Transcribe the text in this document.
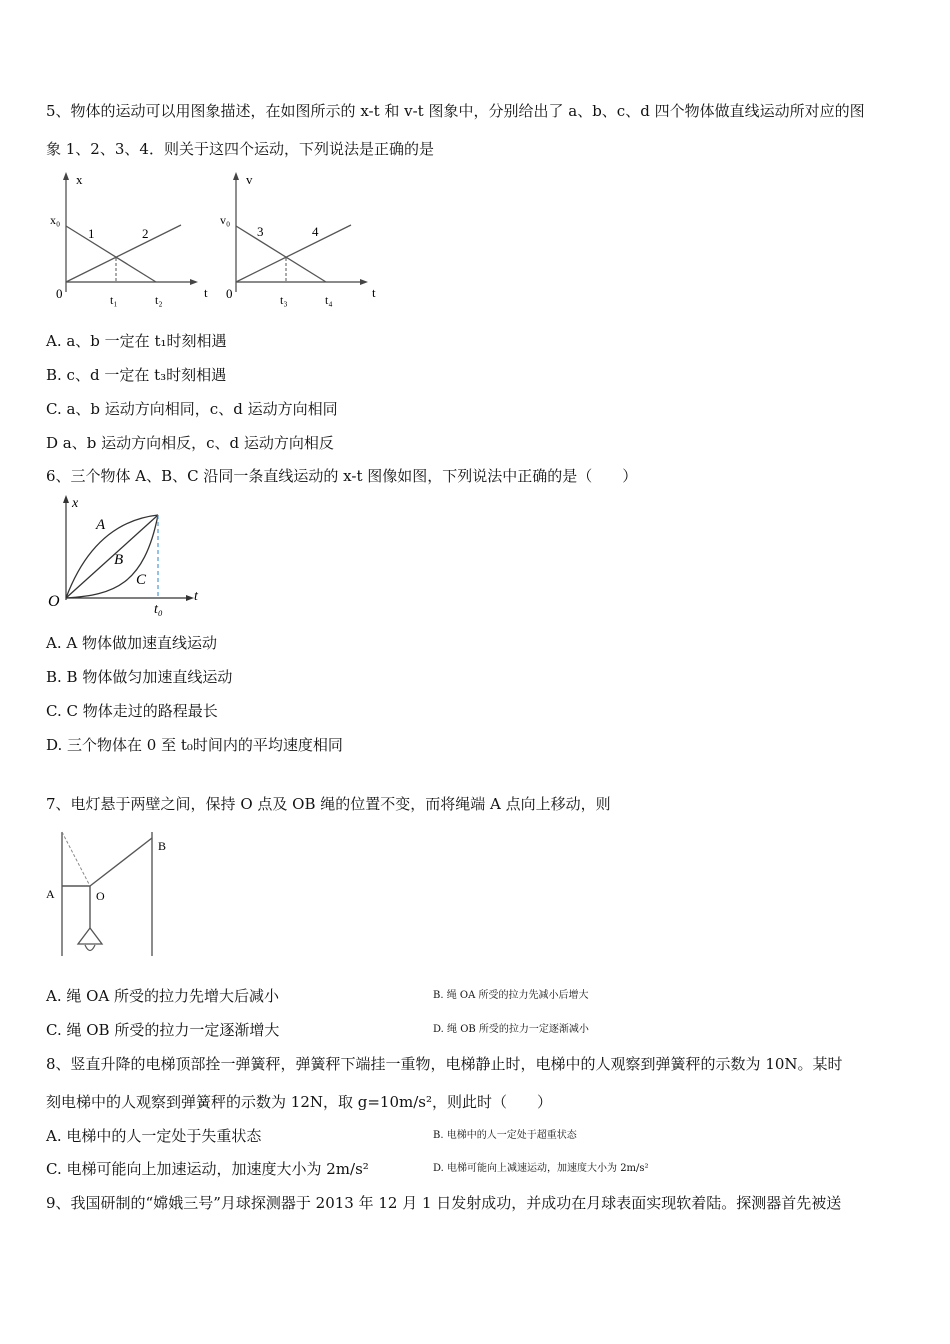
5、物体的运动可以用图象描述，在如图所示的 x-t 和 v-t 图象中，分别给出了 a、b、c、d 四个物体做直线运动所对应的图
象 1、2、3、4．则关于这四个运动，下列说法是正确的是
x
t
0
x₀
1	2
t₁	t₂
v
t
0
v₀
3	4
t₃	t₄
A. a、b 一定在 t₁时刻相遇
B. c、d 一定在 t₃时刻相遇
C. a、b 运动方向相同，c、d 运动方向相同
D a、b 运动方向相反，c、d 运动方向相反
6、三个物体 A、B、C 沿同一条直线运动的 x-t 图像如图，下列说法中正确的是（　　）
x
t
O
A
B
C
t₀
A. A 物体做加速直线运动
B. B 物体做匀加速直线运动
C. C 物体走过的路程最长
D. 三个物体在 0 至 t₀时间内的平均速度相同
7、电灯悬于两壁之间，保持 O 点及 OB 绳的位置不变，而将绳端 A 点向上移动，则
A	O
B
A. 绳 OA 所受的拉力先增大后减小	B. 绳 OA 所受的拉力先减小后增大
C. 绳 OB 所受的拉力一定逐渐增大	D. 绳 OB 所受的拉力一定逐渐减小
8、竖直升降的电梯顶部拴一弹簧秤，弹簧秤下端挂一重物，电梯静止时，电梯中的人观察到弹簧秤的示数为 10N。某时
刻电梯中的人观察到弹簧秤的示数为 12N，取 g=10m/s²，则此时（　　）
A. 电梯中的人一定处于失重状态	B. 电梯中的人一定处于超重状态
C. 电梯可能向上加速运动，加速度大小为 2m/s²	D. 电梯可能向上减速运动，加速度大小为 2m/s²
9、我国研制的“嫦娥三号”月球探测器于 2013 年 12 月 1 日发射成功，并成功在月球表面实现软着陆。探测器首先被送
